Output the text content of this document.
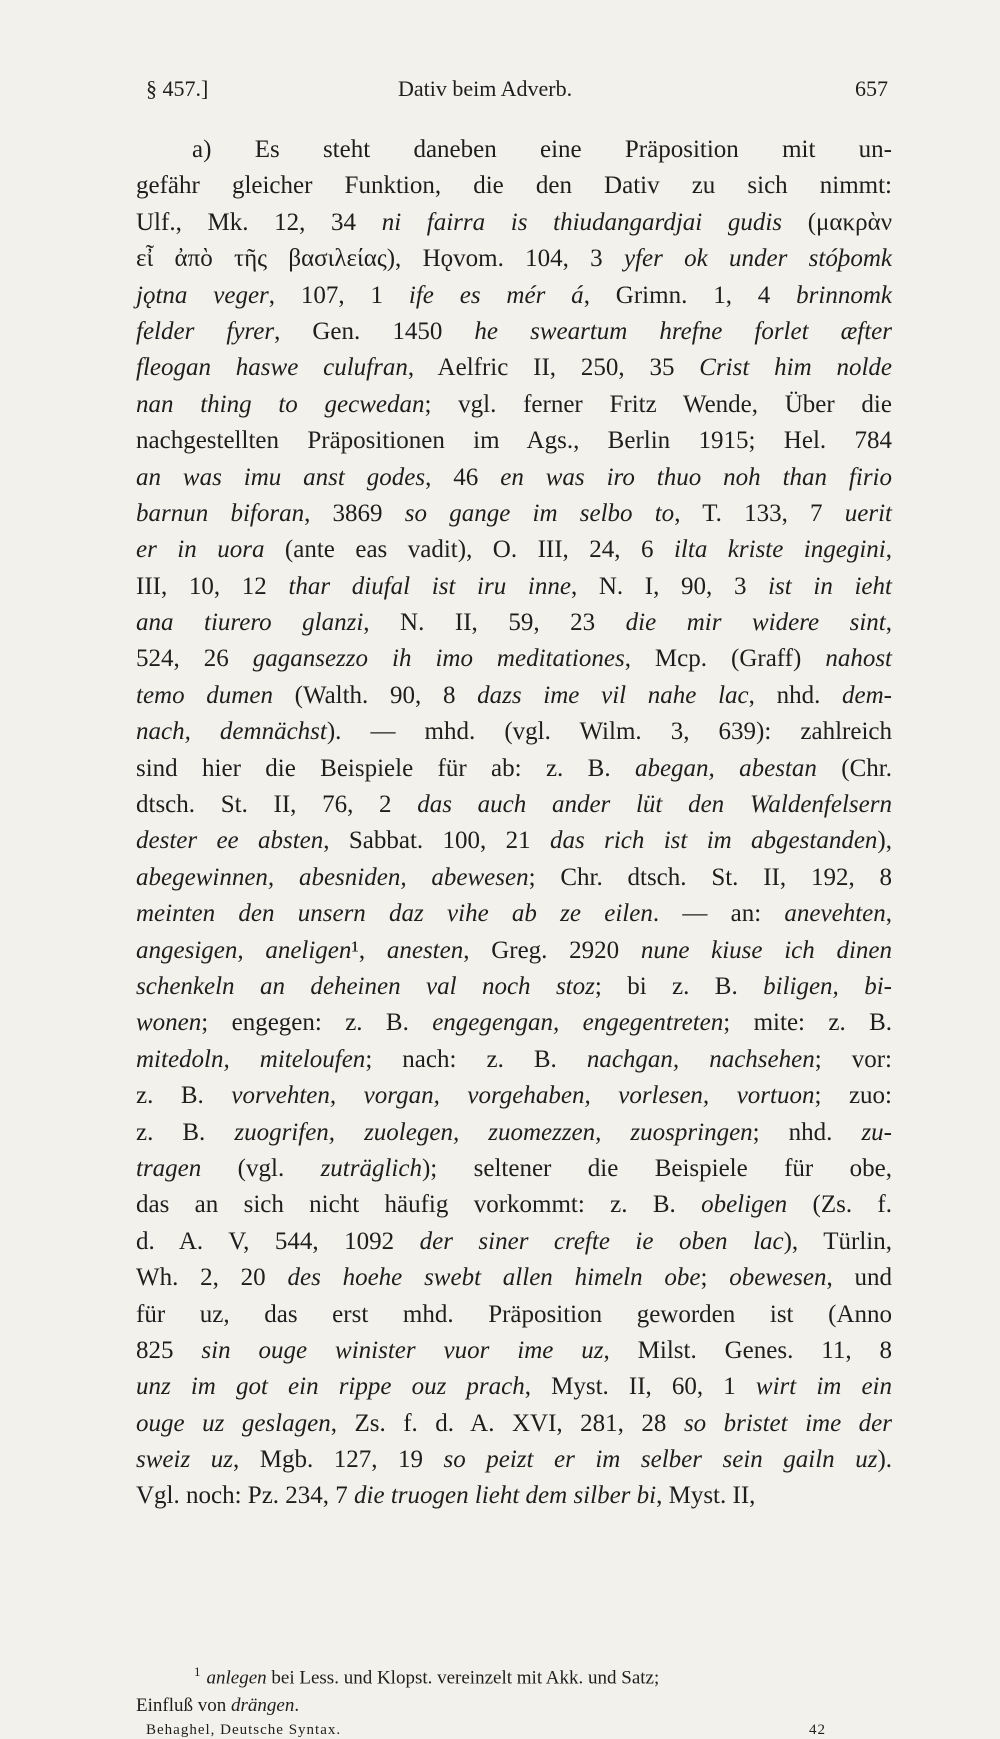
§ 457.]	Dativ beim Adverb.	657
a) Es steht daneben eine Präposition mit un-
gefähr gleicher Funktion, die den Dativ zu sich nimmt:
Ulf., Mk. 12, 34 ni fairra is thiudangardjai gudis (μακρὰν
εἶ ἀπὸ τῆς βασιλείας), Hǫvom. 104, 3 yfer ok under stóþomk
jǫtna veger, 107, 1 ife es mér á, Grimn. 1, 4 brinnomk
felder fyrer, Gen. 1450 he sweartum hrefne forlet æfter
fleogan haswe culufran, Aelfric II, 250, 35 Crist him nolde
nan thing to gecwedan; vgl. ferner Fritz Wende, Über die
nachgestellten Präpositionen im Ags., Berlin 1915; Hel. 784
an was imu anst godes, 46 en was iro thuo noh than firio
barnun biforan, 3869 so gange im selbo to, T. 133, 7 uerit
er in uora (ante eas vadit), O. III, 24, 6 ilta kriste ingegini,
III, 10, 12 thar diufal ist iru inne, N. I, 90, 3 ist in ieht
ana tiurero glanzi, N. II, 59, 23 die mir widere sint,
524, 26 gagansezzo ih imo meditationes, Mcp. (Graff) nahost
temo dumen (Walth. 90, 8 dazs ime vil nahe lac, nhd. dem-
nach, demnächst). — mhd. (vgl. Wilm. 3, 639): zahlreich
sind hier die Beispiele für ab: z. B. abegan, abestan (Chr.
dtsch. St. II, 76, 2 das auch ander lüt den Waldenfelsern
dester ee absten, Sabbat. 100, 21 das rich ist im abgestanden),
abegewinnen, abesniden, abewesen; Chr. dtsch. St. II, 192, 8
meinten den unsern daz vihe ab ze eilen. — an: anevehten,
angesigen, aneligen¹, anesten, Greg. 2920 nune kiuse ich dinen
schenkeln an deheinen val noch stoz; bi z. B. biligen, bi-
wonen; engegen: z. B. engegengan, engegentreten; mite: z. B.
mitedoln, miteloufen; nach: z. B. nachgan, nachsehen; vor:
z. B. vorvehten, vorgan, vorgehaben, vorlesen, vortuon; zuo:
z. B. zuogrifen, zuolegen, zuomezzen, zuospringen; nhd. zu-
tragen (vgl. zuträglich); seltener die Beispiele für obe,
das an sich nicht häufig vorkommt: z. B. obeligen (Zs. f.
d. A. V, 544, 1092 der siner crefte ie oben lac), Türlin,
Wh. 2, 20 des hoehe swebt allen himeln obe; obewesen, und
für uz, das erst mhd. Präposition geworden ist (Anno
825 sin ouge winister vuor ime uz, Milst. Genes. 11, 8
unz im got ein rippe ouz prach, Myst. II, 60, 1 wirt im ein
ouge uz geslagen, Zs. f. d. A. XVI, 281, 28 so bristet ime der
sweiz uz, Mgb. 127, 19 so peizt er im selber sein gailn uz).
Vgl. noch: Pz. 234, 7 die truogen lieht dem silber bi, Myst. II,
$^1$ anlegen bei Less. und Klopst. vereinzelt mit Akk. und Satz;
Einfluß von drängen.
Behaghel, Deutsche Syntax.	42
